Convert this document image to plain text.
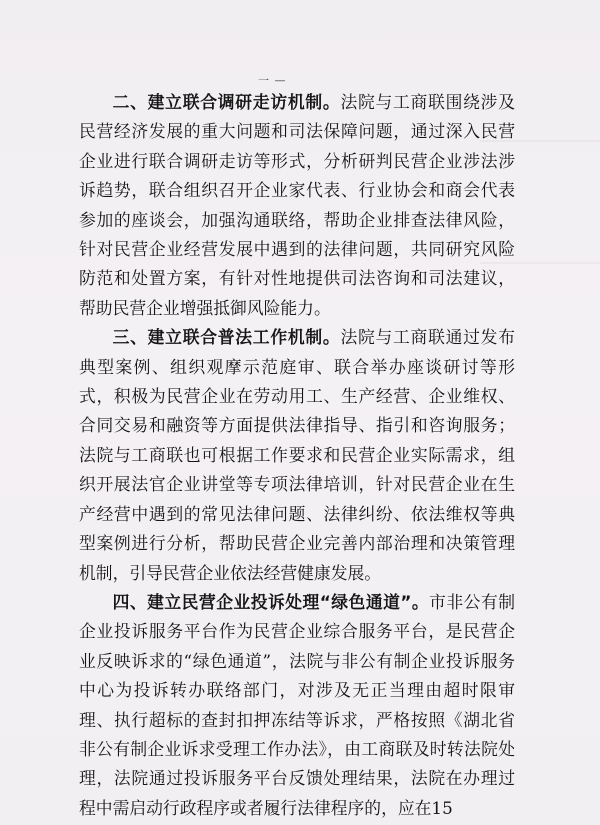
一 —

二、建立联合调研走访机制。法院与工商联围绕涉及民营经济发展的重大问题和司法保障问题，通过深入民营企业进行联合调研走访等形式，分析研判民营企业涉法涉诉趋势，联合组织召开企业家代表、行业协会和商会代表参加的座谈会，加强沟通联络，帮助企业排查法律风险，针对民营企业经营发展中遇到的法律问题，共同研究风险防范和处置方案，有针对性地提供司法咨询和司法建议，帮助民营企业增强抵御风险能力。

三、建立联合普法工作机制。法院与工商联通过发布典型案例、组织观摩示范庭审、联合举办座谈研讨等形式，积极为民营企业在劳动用工、生产经营、企业维权、合同交易和融资等方面提供法律指导、指引和咨询服务；法院与工商联也可根据工作要求和民营企业实际需求，组织开展法官企业讲堂等专项法律培训，针对民营企业在生产经营中遇到的常见法律问题、法律纠纷、依法维权等典型案例进行分析，帮助民营企业完善内部治理和决策管理机制，引导民营企业依法经营健康发展。

四、建立民营企业投诉处理“绿色通道”。市非公有制企业投诉服务平台作为民营企业综合服务平台，是民营企业反映诉求的“绿色通道”，法院与非公有制企业投诉服务中心为投诉转办联络部门，对涉及无正当理由超时限审理、执行超标的查封扣押冻结等诉求，严格按照《湖北省非公有制企业诉求受理工作办法》，由工商联及时转法院处理，法院通过投诉服务平台反馈处理结果，法院在办理过程中需启动行政程序或者履行法律程序的，应在15
